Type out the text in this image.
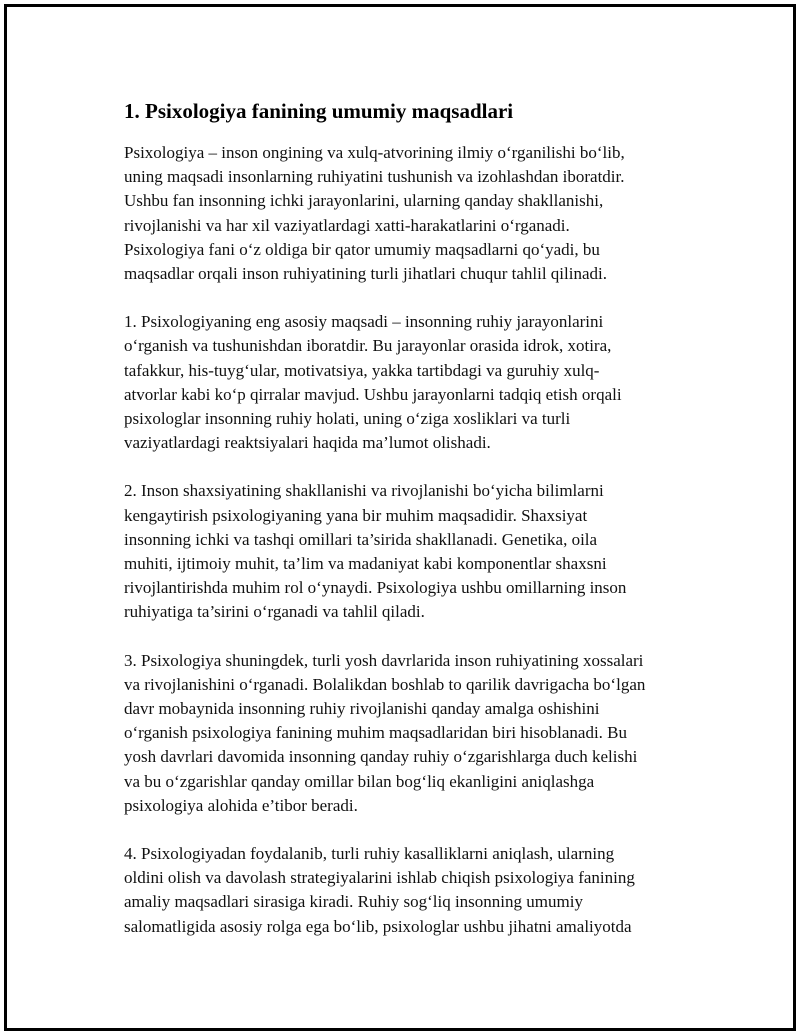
1. Psixologiya fanining umumiy maqsadlari

Psixologiya – inson ongining va xulq-atvorining ilmiy o‘rganilishi bo‘lib,
uning maqsadi insonlarning ruhiyatini tushunish va izohlashdan iboratdir.
Ushbu fan insonning ichki jarayonlarini, ularning qanday shakllanishi,
rivojlanishi va har xil vaziyatlardagi xatti-harakatlarini o‘rganadi.
Psixologiya fani o‘z oldiga bir qator umumiy maqsadlarni qo‘yadi, bu
maqsadlar orqali inson ruhiyatining turli jihatlari chuqur tahlil qilinadi.

1. Psixologiyaning eng asosiy maqsadi – insonning ruhiy jarayonlarini
o‘rganish va tushunishdan iboratdir. Bu jarayonlar orasida idrok, xotira,
tafakkur, his-tuyg‘ular, motivatsiya, yakka tartibdagi va guruhiy xulq-
atvorlar kabi ko‘p qirralar mavjud. Ushbu jarayonlarni tadqiq etish orqali
psixologlar insonning ruhiy holati, uning o‘ziga xosliklari va turli
vaziyatlardagi reaktsiyalari haqida ma’lumot olishadi.

2. Inson shaxsiyatining shakllanishi va rivojlanishi bo‘yicha bilimlarni
kengaytirish psixologiyaning yana bir muhim maqsadidir. Shaxsiyat
insonning ichki va tashqi omillari ta’sirida shakllanadi. Genetika, oila
muhiti, ijtimoiy muhit, ta’lim va madaniyat kabi komponentlar shaxsni
rivojlantirishda muhim rol o‘ynaydi. Psixologiya ushbu omillarning inson
ruhiyatiga ta’sirini o‘rganadi va tahlil qiladi.

3. Psixologiya shuningdek, turli yosh davrlarida inson ruhiyatining xossalari
va rivojlanishini o‘rganadi. Bolalikdan boshlab to qarilik davrigacha bo‘lgan
davr mobaynida insonning ruhiy rivojlanishi qanday amalga oshishini
o‘rganish psixologiya fanining muhim maqsadlaridan biri hisoblanadi. Bu
yosh davrlari davomida insonning qanday ruhiy o‘zgarishlarga duch kelishi
va bu o‘zgarishlar qanday omillar bilan bog‘liq ekanligini aniqlashga
psixologiya alohida e’tibor beradi.

4. Psixologiyadan foydalanib, turli ruhiy kasalliklarni aniqlash, ularning
oldini olish va davolash strategiyalarini ishlab chiqish psixologiya fanining
amaliy maqsadlari sirasiga kiradi. Ruhiy sog‘liq insonning umumiy
salomatligida asosiy rolga ega bo‘lib, psixologlar ushbu jihatni amaliyotda
